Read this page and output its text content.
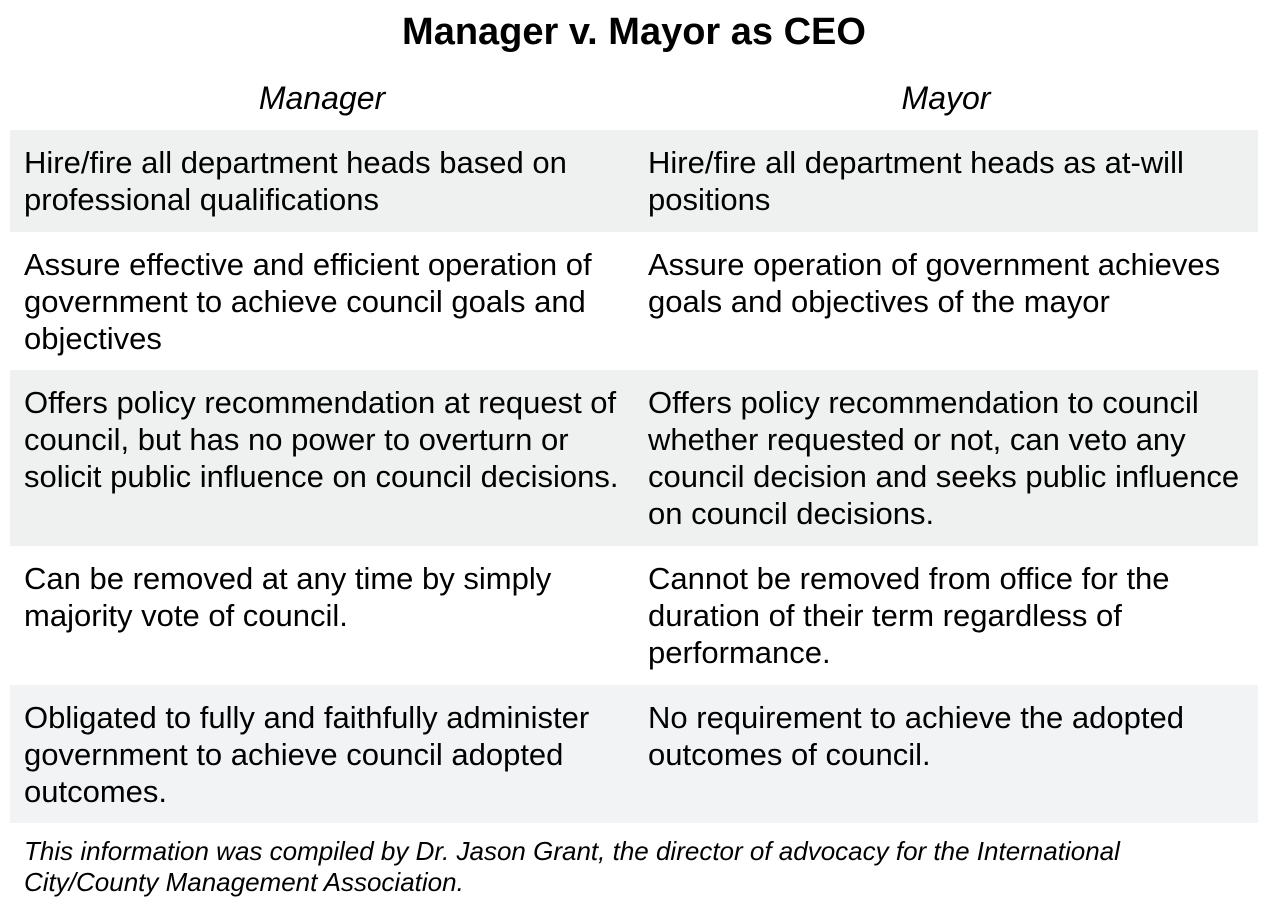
Manager v. Mayor as CEO
Manager	Mayor
Hire/fire all department heads based on professional qualifications
Hire/fire all department heads as at-will positions
Assure effective and efficient operation of government to achieve council goals and objectives
Assure operation of government achieves goals and objectives of the mayor
Offers policy recommendation at request of council, but has no power to overturn or solicit public influence on council decisions.
Offers policy recommendation to council whether requested or not, can veto any council decision and seeks public influence on council decisions.
Can be removed at any time by simply majority vote of council.
Cannot be removed from office for the duration of their term regardless of performance.
Obligated to fully and faithfully administer government to achieve council adopted outcomes.
No requirement to achieve the adopted outcomes of council.
This information was compiled by Dr. Jason Grant, the director of advocacy for the International City/County Management Association.
